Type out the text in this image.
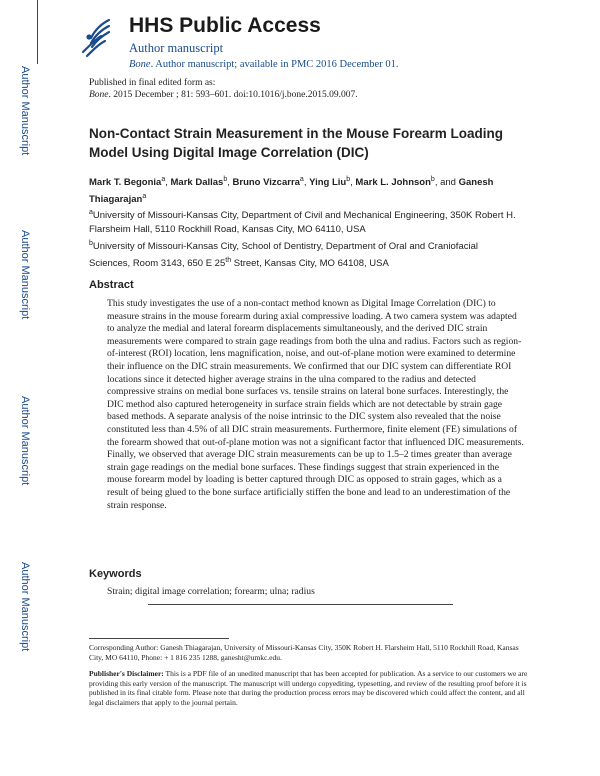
Author Manuscript
Author Manuscript
Author Manuscript
Author Manuscript
HHS Public Access
Author manuscript
Bone. Author manuscript; available in PMC 2016 December 01.
Published in final edited form as:
Bone. 2015 December ; 81: 593–601. doi:10.1016/j.bone.2015.09.007.
Non-Contact Strain Measurement in the Mouse Forearm Loading Model Using Digital Image Correlation (DIC)
Mark T. Begonia$^a$, Mark Dallas$^b$, Bruno Vizcarra$^a$, Ying Liu$^b$, Mark L. Johnson$^b$, and Ganesh Thiagarajan$^a$
$^a$University of Missouri-Kansas City, Department of Civil and Mechanical Engineering, 350K Robert H. Flarsheim Hall, 5110 Rockhill Road, Kansas City, MO 64110, USA
$^b$University of Missouri-Kansas City, School of Dentistry, Department of Oral and Craniofacial Sciences, Room 3143, 650 E 25th Street, Kansas City, MO 64108, USA
Abstract
This study investigates the use of a non-contact method known as Digital Image Correlation (DIC) to measure strains in the mouse forearm during axial compressive loading. A two camera system was adapted to analyze the medial and lateral forearm displacements simultaneously, and the derived DIC strain measurements were compared to strain gage readings from both the ulna and radius. Factors such as region-of-interest (ROI) location, lens magnification, noise, and out-of-plane motion were examined to determine their influence on the DIC strain measurements. We confirmed that our DIC system can differentiate ROI locations since it detected higher average strains in the ulna compared to the radius and detected compressive strains on medial bone surfaces vs. tensile strains on lateral bone surfaces. Interestingly, the DIC method also captured heterogeneity in surface strain fields which are not detectable by strain gage based methods. A separate analysis of the noise intrinsic to the DIC system also revealed that the noise constituted less than 4.5% of all DIC strain measurements. Furthermore, finite element (FE) simulations of the forearm showed that out-of-plane motion was not a significant factor that influenced DIC measurements. Finally, we observed that average DIC strain measurements can be up to 1.5–2 times greater than average strain gage readings on the medial bone surfaces. These findings suggest that strain experienced in the mouse forearm model by loading is better captured through DIC as opposed to strain gages, which as a result of being glued to the bone surface artificially stiffen the bone and lead to an underestimation of the strain response.
Keywords
Strain; digital image correlation; forearm; ulna; radius
Corresponding Author: Ganesh Thiagarajan, University of Missouri-Kansas City, 350K Robert H. Flarsheim Hall, 5110 Rockhill Road, Kansas City, MO 64110, Phone: + 1 816 235 1288, ganesht@umkc.edu.
Publisher's Disclaimer: This is a PDF file of an unedited manuscript that has been accepted for publication. As a service to our customers we are providing this early version of the manuscript. The manuscript will undergo copyediting, typesetting, and review of the resulting proof before it is published in its final citable form. Please note that during the production process errors may be discovered which could affect the content, and all legal disclaimers that apply to the journal pertain.
